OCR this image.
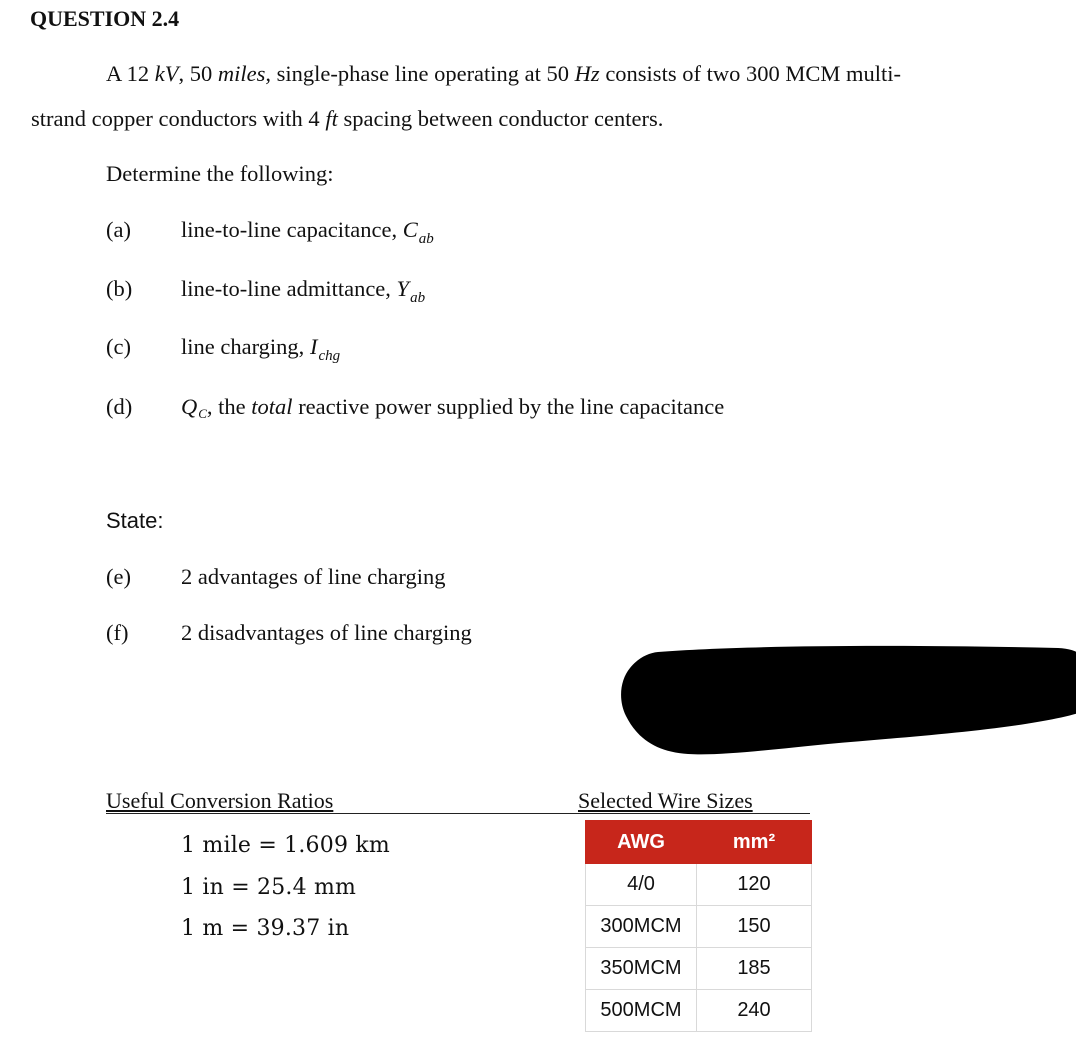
QUESTION 2.4
A 12 kV, 50 miles, single-phase line operating at 50 Hz consists of two 300 MCM multi-
strand copper conductors with 4 ft spacing between conductor centers.
Determine the following:
(a) line-to-line capacitance, $C_{ab}$
(b) line-to-line admittance, $Y_{ab}$
(c) line charging, $I_{chg}$
(d) QC, the total reactive power supplied by the line capacitance
State:
(e) 2 advantages of line charging
(f) 2 disadvantages of line charging
Useful Conversion Ratios	Selected Wire Sizes
1 mile = 1.609 km
1 in = 25.4 mm
1 m = 39.37 in
AWG	mm²
4/0	120
300MCM	150
350MCM	185
500MCM	240
